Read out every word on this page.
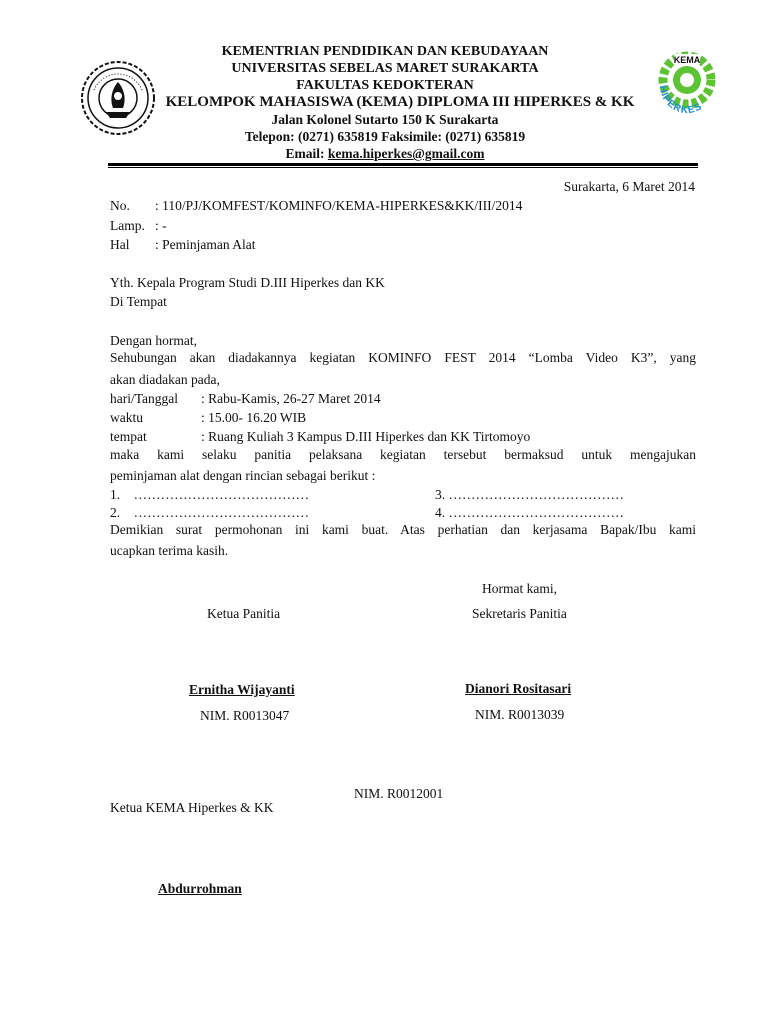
KEMA
HIPERKES
KEMENTRIAN PENDIDIKAN DAN KEBUDAYAAN
UNIVERSITAS SEBELAS MARET SURAKARTA
FAKULTAS KEDOKTERAN
KELOMPOK MAHASISWA (KEMA) DIPLOMA III HIPERKES & KK
Jalan Kolonel Sutarto 150 K Surakarta
Telepon: (0271) 635819 Faksimile: (0271) 635819
Email: kema.hiperkes@gmail.com
Surakarta, 6 Maret 2014
No. : 110/PJ/KOMFEST/KOMINFO/KEMA-HIPERKES&KK/III/2014
Lamp. : -
Hal : Peminjaman Alat
Yth. Kepala Program Studi D.III Hiperkes dan KK
Di Tempat
Dengan hormat,
Sehubungan akan diadakannya kegiatan KOMINFO FEST 2014 “Lomba Video K3”, yang
akan diadakan pada,
hari/Tanggal : Rabu-Kamis, 26-27 Maret 2014
waktu	: 15.00- 16.20 WIB
tempat	: Ruang Kuliah 3 Kampus D.III Hiperkes dan KK Tirtomoyo
maka kami selaku panitia pelaksana kegiatan tersebut bermaksud untuk mengajukan
peminjaman alat dengan rincian sebagai berikut :
1. …………………………………
2. …………………………………
3. …………………………………
4. …………………………………
Demikian surat permohonan ini kami buat. Atas perhatian dan kerjasama Bapak/Ibu kami
ucapkan terima kasih.
Hormat kami,
Ketua Panitia	Sekretaris Panitia
Ernitha Wijayanti
NIM. R0013047
Dianori Rositasari
NIM. R0013039
NIM. R0012001
Ketua KEMA Hiperkes & KK
Abdurrohman
